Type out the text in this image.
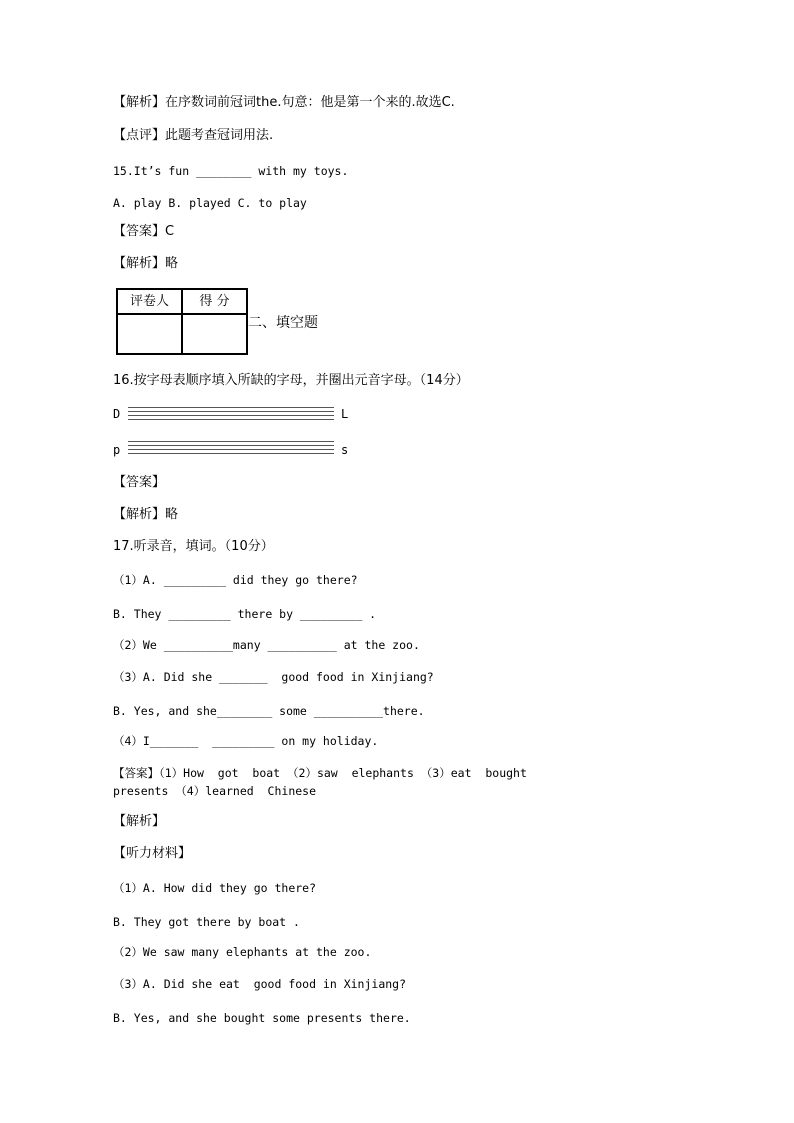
【解析】在序数词前冠词the.句意：他是第一个来的.故选C.
【点评】此题考查冠词用法.
15.It’s fun ________ with my toys.
A. play B. played C. to play
【答案】C
【解析】略
评卷人	得 分

二、填空题
16.按字母表顺序填入所缺的字母，并圈出元音字母。（14分）
D	L
p	s
【答案】
【解析】略
17.听录音，填词。（10分）
（1）A. _________ did they go there?
B. They _________ there by _________ .
（2）We __________many __________ at the zoo.
（3）A. Did she _______  good food in Xinjiang?
B. Yes, and she________ some __________there.
（4）I_______  _________ on my holiday.
【答案】（1）How  got  boat （2）saw  elephants （3）eat  bought
presents （4）learned  Chinese
【解析】
【听力材料】
（1）A. How did they go there?
B. They got there by boat .
（2）We saw many elephants at the zoo.
（3）A. Did she eat  good food in Xinjiang?
B. Yes, and she bought some presents there.
